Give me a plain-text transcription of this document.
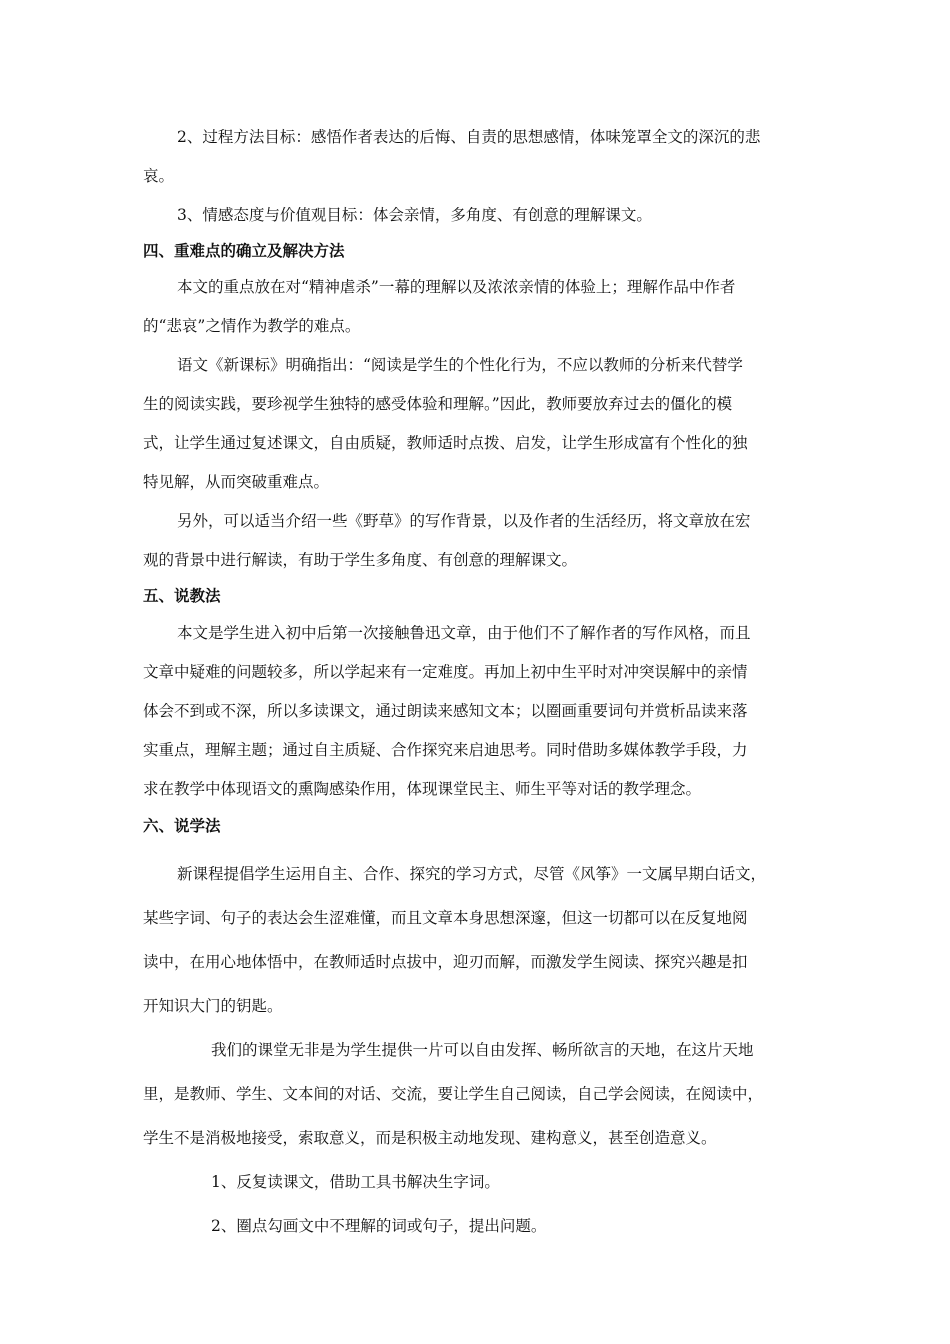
2、过程方法目标：感悟作者表达的后悔、自责的思想感情，体味笼罩全文的深沉的悲
哀。
3、情感态度与价值观目标：体会亲情，多角度、有创意的理解课文。
四、重难点的确立及解决方法
本文的重点放在对“精神虐杀”一幕的理解以及浓浓亲情的体验上；理解作品中作者
的“悲哀”之情作为教学的难点。
语文《新课标》明确指出：“阅读是学生的个性化行为，不应以教师的分析来代替学
生的阅读实践，要珍视学生独特的感受体验和理解。”因此，教师要放弃过去的僵化的模
式，让学生通过复述课文，自由质疑，教师适时点拨、启发，让学生形成富有个性化的独
特见解，从而突破重难点。
另外，可以适当介绍一些《野草》的写作背景，以及作者的生活经历，将文章放在宏
观的背景中进行解读，有助于学生多角度、有创意的理解课文。
五、说教法
本文是学生进入初中后第一次接触鲁迅文章，由于他们不了解作者的写作风格，而且
文章中疑难的问题较多，所以学起来有一定难度。再加上初中生平时对冲突误解中的亲情
体会不到或不深，所以多读课文，通过朗读来感知文本；以圈画重要词句并赏析品读来落
实重点，理解主题；通过自主质疑、合作探究来启迪思考。同时借助多媒体教学手段，力
求在教学中体现语文的熏陶感染作用，体现课堂民主、师生平等对话的教学理念。
六、说学法
新课程提倡学生运用自主、合作、探究的学习方式，尽管《风筝》一文属早期白话文，
某些字词、句子的表达会生涩难懂，而且文章本身思想深邃，但这一切都可以在反复地阅
读中，在用心地体悟中，在教师适时点拔中，迎刃而解，而激发学生阅读、探究兴趣是扣
开知识大门的钥匙。
我们的课堂无非是为学生提供一片可以自由发挥、畅所欲言的天地，在这片天地
里，是教师、学生、文本间的对话、交流，要让学生自己阅读，自己学会阅读，在阅读中，
学生不是消极地接受，索取意义，而是积极主动地发现、建构意义，甚至创造意义。
1、反复读课文，借助工具书解决生字词。
2、圈点勾画文中不理解的词或句子，提出问题。
